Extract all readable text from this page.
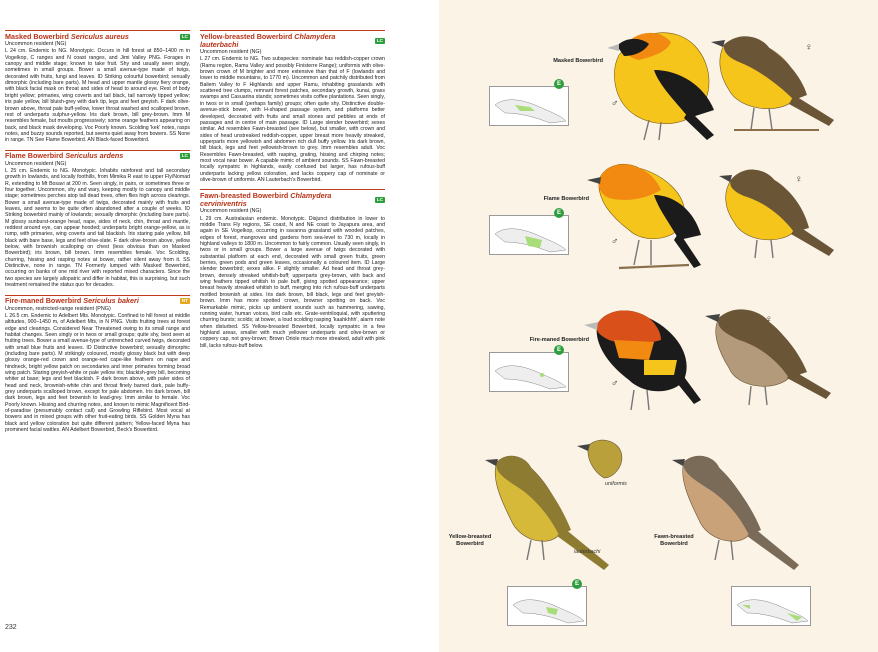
Masked Bowerbird Sericulus aureus	LC
Uncommon resident (NG)
L 24 cm. Endemic to NG. Monotypic. Occurs in hill forest at 850–1400 m in Vogelkop, C ranges and N coast ranges, and Jimi Valley PNG. Forages in canopy and middle stage; known to take fruit. Shy and usually seen singly, sometimes in small groups. Bower a small avenue-type made of twigs, decorated with fruits, fungi and leaves. ID Striking colourful bowerbird; sexually dimorphic (including bare parts). M head and upper mantle glossy fiery orange, with black facial mask on throat and sides of head to around eye. Rest of body bright yellow; primaries, wing coverts and tail black, tail narrowly tipped yellow; iris pale yellow, bill bluish-grey with dark tip, legs and feet greyish. F dark olive-brown above, throat pale buff-yellow, lower throat washed and scalloped brown, rest of underparts sulphur-yellow. Iris dark brown, bill grey-brown. Imm M resembles female, but moults progressively; some orange feathers appearing on back, and black mask developing. Voc Poorly known. Scolding 'kek' notes, rasps notes, and buzzy sounds reported, but seems quiet away from bowers. SS None in range. TN See Flame Bowerbird. AN Black-faced Bowerbird.
Flame Bowerbird Sericulus ardens	LC
Uncommon resident (NG)
L 25 cm. Endemic to NG. Monotypic. Inhabits rainforest and tall secondary growth in lowlands, and locally foothills, from Mimika R east to upper Fly/Nomad R, extending to Mt Bosavi at 200 m. Seen singly, in pairs, or sometimes three or four together. Uncommon, shy and wary, keeping mostly to canopy and middle stage; sometimes perches atop tall dead trees, often flies high across clearings. Bower a small avenue-type made of twigs, decorated mainly with fruits and leaves, and seems to be quite often abandoned after a couple of weeks. ID Striking bowerbird mainly of lowlands; sexually dimorphic (including bare parts). M glossy sunburst-orange head, nape, sides of neck, chin, throat and mantle, reddest around eye, can appear hooded; underparts bright orange-yellow, as is rump, with primaries, wing coverts and tail blackish. Iris staring pale yellow, bill black with bare base, legs and feet olive-slate. F dark olive-brown above, yellow below, with brownish scalloping on chest (less obvious than on Masked Bowerbird); iris brown, bill brown. Imm resembles female. Voc Scolding, churring, hissing and rasping notes at bower, rather silent away from it. SS Distinctive, none in range. TN Formerly lumped with Masked Bowerbird, occurring on banks of one mid river with reported mixed characters. Since the two species are largely allopatric and differ in habitat, this is surprising, but such treatment remained the status quo for decades.
Fire-maned Bowerbird Sericulus bakeri	NT
Uncommon, restricted-range resident (PNG)
L 26.5 cm. Endemic to Adelbert Mts. Monotypic. Confined to hill forest at middle altitudes, 900–1450 m, of Adelbert Mts, in N PNG. Visits fruiting trees at forest edge and clearings. Considered Near Threatened owing to its small range and habitat changes. Seen singly or in twos or small groups; quite shy, best seen at fruiting trees. Bower a small avenue-type of untrenched curved twigs, decorated with small blue fruits and leaves. ID Distinctive bowerbird; sexually dimorphic (including bare parts). M strikingly coloured, mostly glossy black but with deep glossy orange-red crown and orange-red cape-like feathers on nape and hindneck, bright yellow patch on secondaries and inner primaries forming broad wing patch. Staring greyish-white or pale yellow iris; blackish-grey bill, becoming whiter at base; legs and feet blackish. F dark brown above, with paler sides of head and neck, brownish-white chin and throat finely barred dark, pale buffy-grey underparts scalloped brown, except for pale abdomen. Iris dark brown, bill dark brown, legs and feet brownish to lead-grey. Imm similar to female. Voc Poorly known. Hissing and churring notes, and known to mimic Magnificent Bird-of-paradise (presumably contact call) and Growling Riflebird. Most vocal at bowers and in mixed groups with other fruit-eating birds. SS Golden Myna has black and yellow coloration but quite different pattern; Yellow-faced Myna has prominent facial wattles. AN Adelbert Bowerbird, Beck's Bowerbird.
Yellow-breasted Bowerbird Chlamydera lauterbachi	LC
Uncommon resident (NG)
L 27 cm. Endemic to NG. Two subspecies: nominate has reddish-copper crown (Ramu region, Ramu Valley and possibly Finisterre Range); uniformis with olive-brown crown of M brighter and more extensive than that of F (lowlands and lower to middle mountains, to 1770 m). Uncommon and patchily distributed from Baliem Valley to F Highlands and upper Ramu, inhabiting grasslands with scattered tree clumps, remnant forest patches, secondary growth, kunai, grass swamps and Casuarina stands; sometimes visits coffee plantations. Seen singly, in twos or in small (perhaps family) groups; often quite shy. Distinctive double-avenue-stick bower, with H-shaped passage system, and platforms better developed, decorated with fruits and small stones and pebbles at ends of passages and in centre of main passage. ID Large slender bowerbird; sexes similar. Ad resembles Fawn-breasted (see below), but smaller, with crown and sides of head unstreaked reddish-copper, upper breast more heavily streaked, upperparts more yellowish and abdomen rich dull buffy yellow. Iris dark brown, bill black, legs and feet yellowish-brown to grey. Imm resembles adult. Voc Resembles Fawn-breasted, with rasping, grating, hissing and chirping notes; most vocal near bower. A capable mimic of ambient sounds. SS Fawn-breasted locally sympatric in highlands, easily confused but larger, has rufous-buff underparts lacking yellow coloration, and lacks coppery cap of nominate or olive-brown of uniformis. AN Lauterbach's Bowerbird.
Fawn-breasted Bowerbird Chlamydera cerviniventris	LC
Uncommon resident (NG)
L 29 cm. Australasian endemic. Monotypic. Disjunct distribution in lower to middle Trans Fly regions, SE coast, N and NE coast to Jayapura area, and again in SE Vogelkop, occurring in savanna grassland with wooded patches, edges of forest, mangroves and gardens from sea-level to 730 m, locally in highland valleys to 1800 m. Uncommon to fairly common. Usually seen singly, in twos or in small groups. Bower a large avenue of twigs decorated with substantial platform at each end, decorated with small green fruits, green berries, green pods and green leaves, occasionally a coloured item. ID Large slender bowerbird; sexes alike. F slightly smaller. Ad head and throat grey-brown, densely streaked whitish-buff; upperparts grey-brown, with back and wing feathers tipped whitish to pale buff, giving spotted appearance; upper breast heavily streaked whitish to buff, merging into rich rufous-buff underparts mottled brownish at sides. Iris dark brown, bill black, legs and feet greyish-brown. Imm has more spotted crown, browner spotting on back. Voc Remarkable mimic, picks up ambient sounds such as hammering, sawing, running water, human voices, bird calls etc. Grate-ventriloquial, with sputtering churring bursts; scolds; at bower, a loud scolding rasping 'kaahkhhh', alarm note when disturbed. SS Yellow-breasted Bowerbird, locally sympatric in a few highland areas, smaller with much yellower underparts and olive-brown or coppery cap, not grey-brown; Brown Oriole much more streaked, adult with pink bill, lacks rufous-buff below.
232
E
E
E
E
Masked Bowerbird
Flame Bowerbird
Fire-maned Bowerbird
Yellow-breasted Bowerbird
Fawn-breasted Bowerbird
uniformis
lauterbachi
♂
♀
♂
♀
♂
♀
